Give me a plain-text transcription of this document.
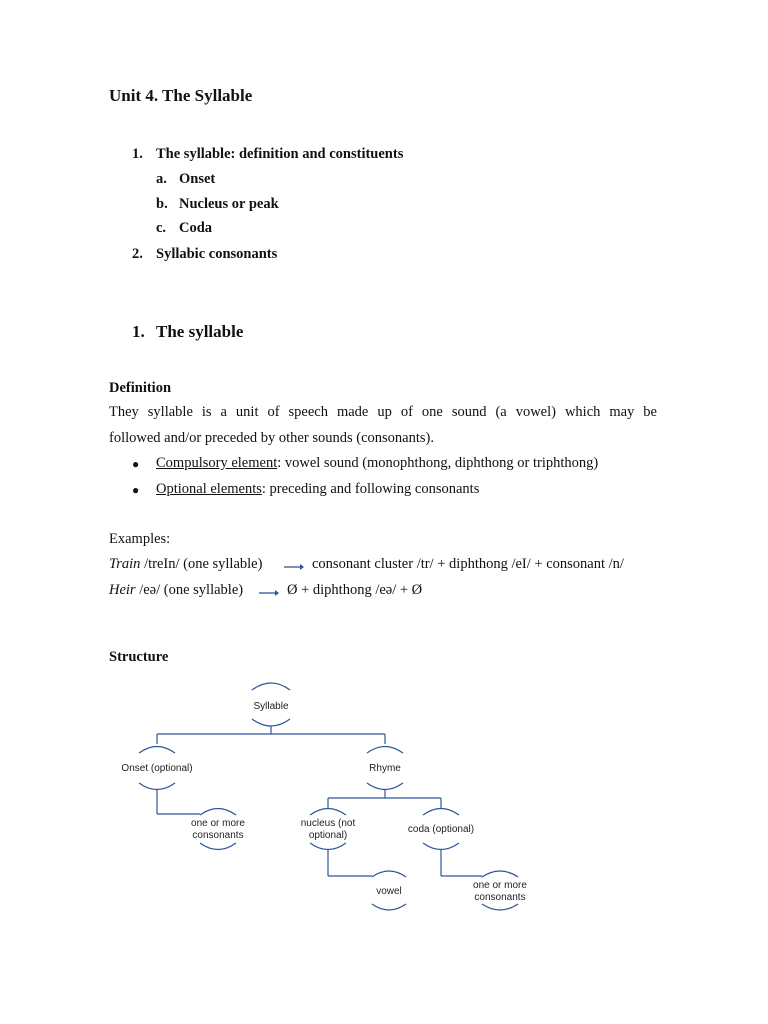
Unit 4. The Syllable
1. The syllable: definition and constituents
a. Onset
b. Nucleus or peak
c. Coda
2. Syllabic consonants
1. The syllable
Definition
They syllable is a unit of speech made up of one sound (a vowel) which may be
followed and/or preceded by other sounds (consonants).
● Compulsory element: vowel sound (monophthong, diphthong or triphthong)
● Optional elements: preceding and following consonants
Examples:
Train /treIn/ (one syllable)	consonant cluster /tr/ + diphthong /eI/ + consonant /n/
Heir /eə/ (one syllable)	Ø + diphthong /eə/ + Ø
Structure
Syllable
Onset (optional)	Rhyme
one or more
consonants
nucleus (not
optional)
coda (optional)
vowel
one or more
consonants
